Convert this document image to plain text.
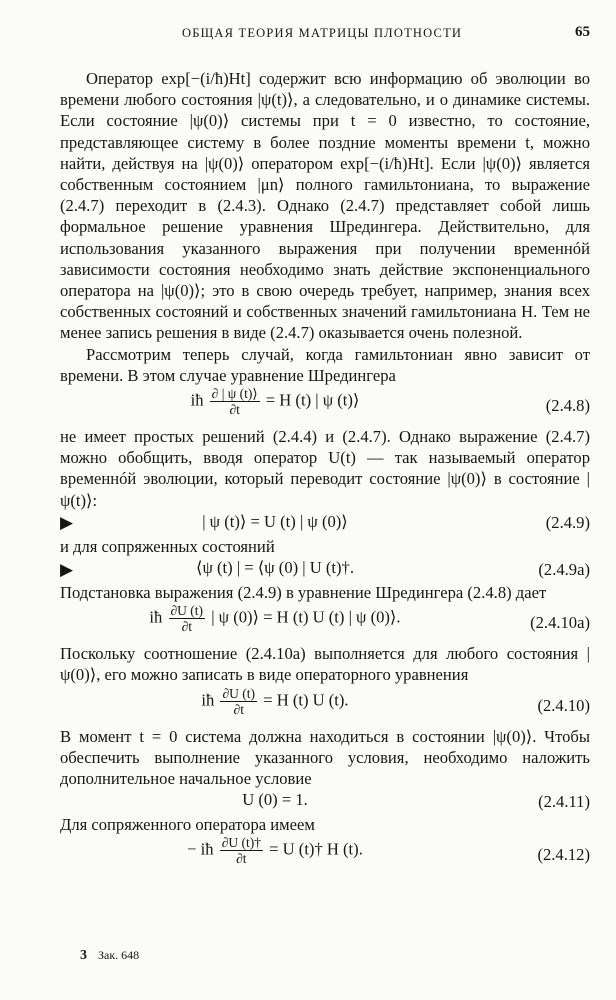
ОБЩАЯ ТЕОРИЯ МАТРИЦЫ ПЛОТНОСТИ	65

Оператор exp[−(i/ħ)Ht] содержит всю информацию об эволюции во времени любого состояния |ψ(t)⟩, а следовательно, и о динамике системы. Если состояние |ψ(0)⟩ системы при t = 0 известно, то состояние, представляющее систему в более поздние моменты времени t, можно найти, действуя на |ψ(0)⟩ оператором exp[−(i/ħ)Ht]. Если |ψ(0)⟩ является собственным состоянием |μn⟩ полного гамильтониана, то выражение (2.4.7) переходит в (2.4.3). Однако (2.4.7) представляет собой лишь формальное решение уравнения Шредингера. Действительно, для использования указанного выражения при получении временнóй зависимости состояния необходимо знать действие экспоненциального оператора на |ψ(0)⟩; это в свою очередь требует, например, знания всех собственных состояний и собственных значений гамильтониана H. Тем не менее запись решения в виде (2.4.7) оказывается очень полезной.

Рассмотрим теперь случай, когда гамильтониан явно зависит от времени. В этом случае уравнение Шредингера

iħ $\frac{\partial | \psi (t)⟩}{\partial t} = H$ (t) | ψ (t)⟩	(2.4.8)

не имеет простых решений (2.4.4) и (2.4.7). Однако выражение (2.4.7) можно обобщить, вводя оператор U(t) — так называемый оператор временнóй эволюции, который переводит состояние |ψ(0)⟩ в состояние |ψ(t)⟩:

▶	| ψ (t)⟩ = U (t) | ψ (0)⟩	(2.4.9)

и для сопряженных состояний

▶	⟨ψ (t) | = ⟨ψ (0) | U (t)†.	(2.4.9а)

Подстановка выражения (2.4.9) в уравнение Шредингера (2.4.8) дает

iħ $\frac{\partial U (t)}{\partial t}$ | ψ (0)⟩ = H (t) U (t) | ψ (0)⟩.	(2.4.10а)

Поскольку соотношение (2.4.10а) выполняется для любого состояния |ψ(0)⟩, его можно записать в виде операторного уравнения

iħ $\frac{\partial U (t)}{\partial t} = H$ (t) U (t).	(2.4.10)

В момент t = 0 система должна находиться в состоянии |ψ(0)⟩. Чтобы обеспечить выполнение указанного условия, необходимо наложить дополнительное начальное условие

U (0) = 1.	(2.4.11)

Для сопряженного оператора имеем

− iħ $\frac{\partial U (t)\dagger}{\partial t} = U$ (t)† H (t).	(2.4.12)
3 Зак. 648
